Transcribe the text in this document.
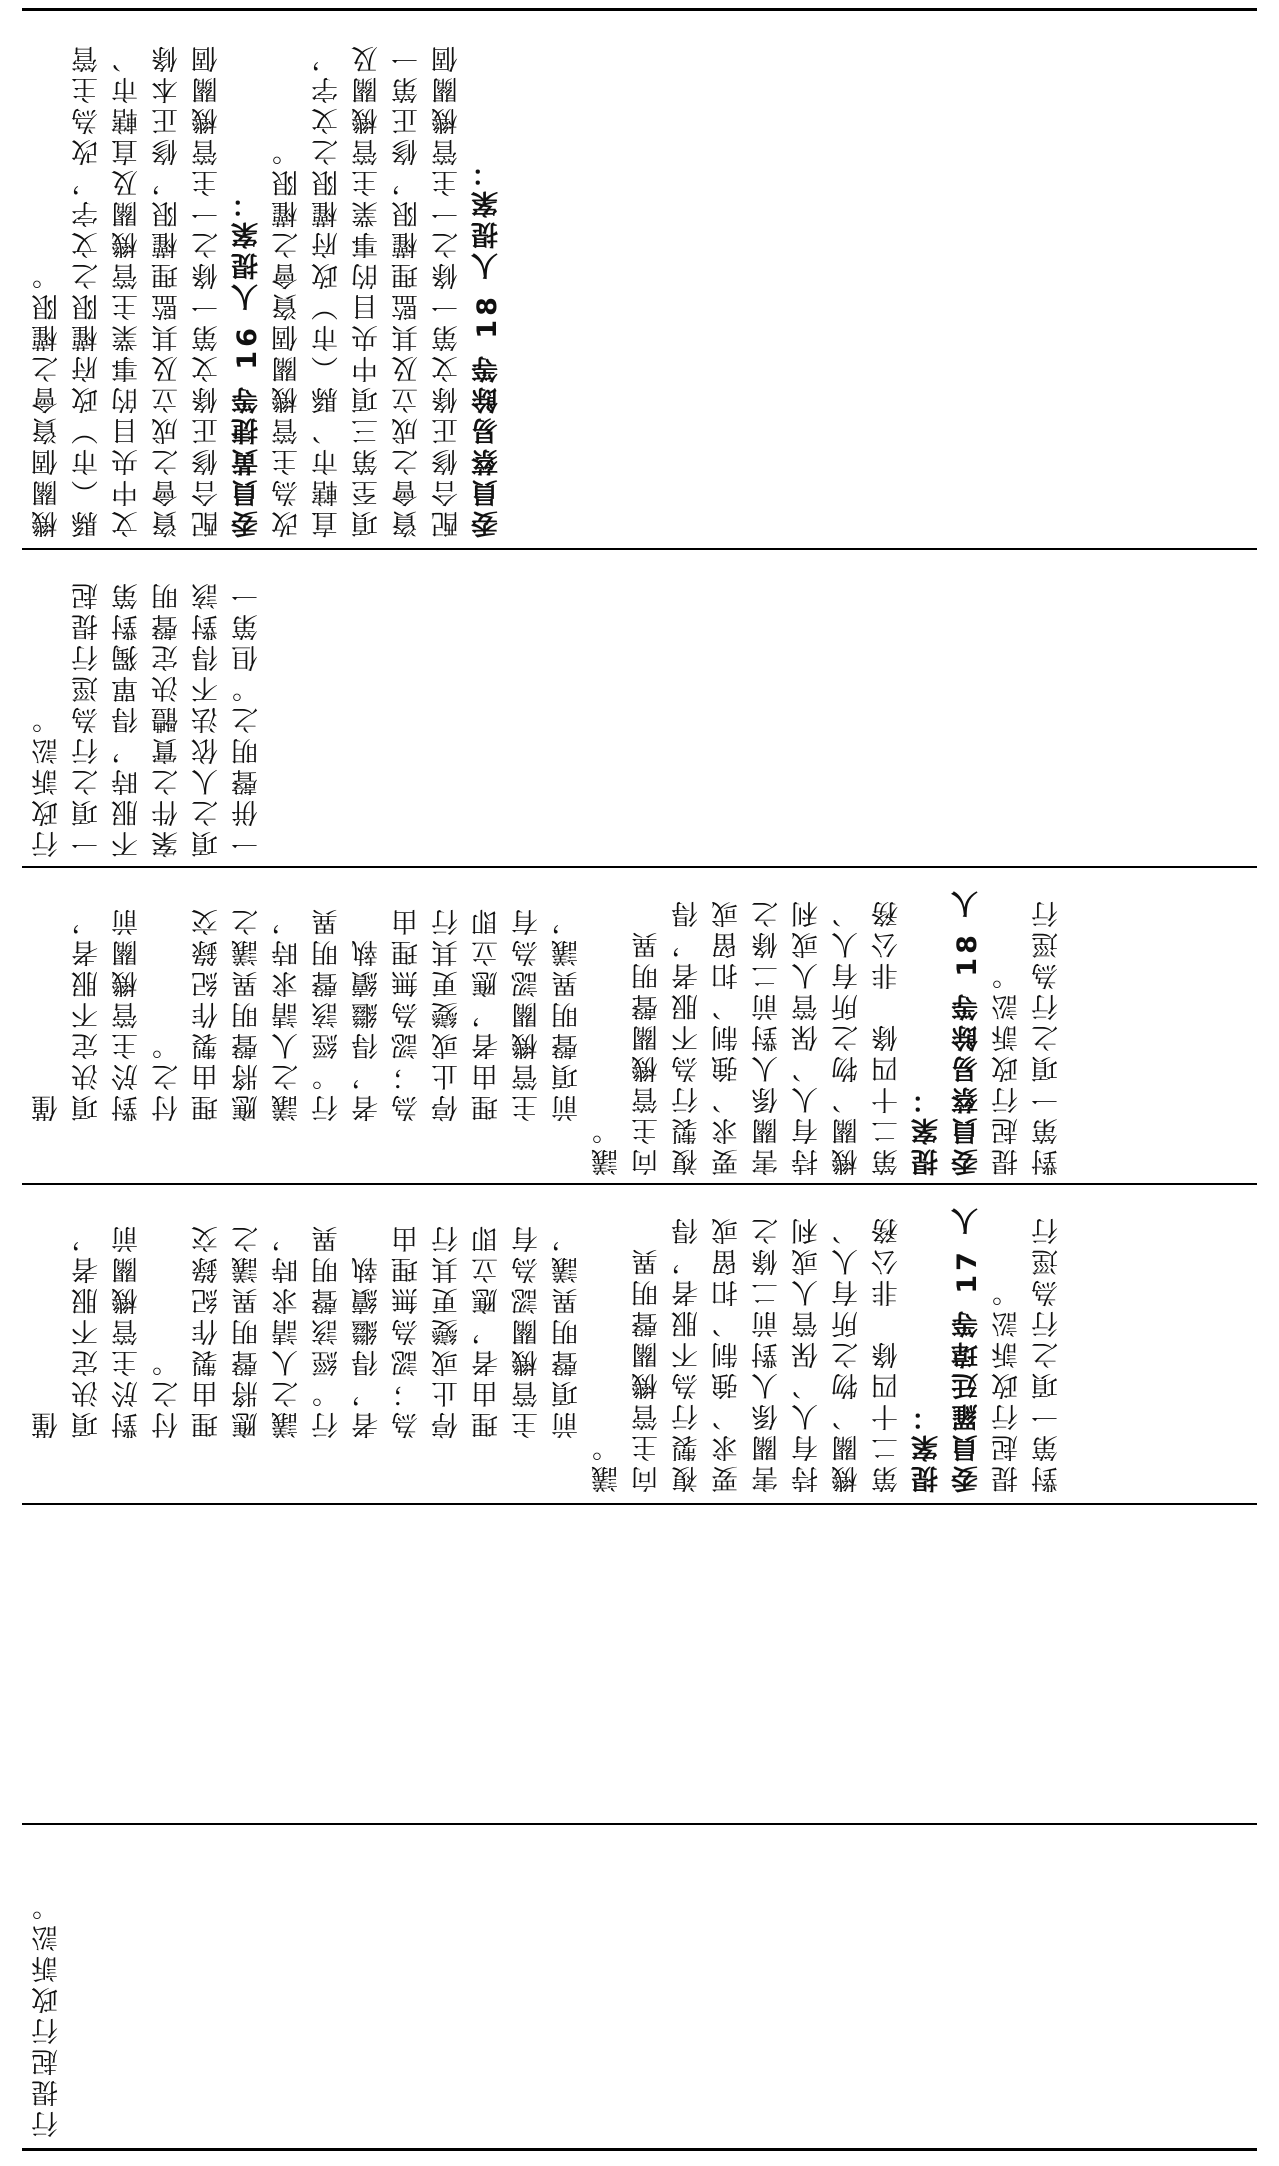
委員蔡易餘等 18 人提案：
配合修正條文第一條之一主管機關個資會之成立及其監理權限，修正第一項至第三項中央目的事業主管機關及直轄市、縣（市）政府權限之文字，改為主管機關個資會之權限。
委員黃捷等 16 人提案：
配合修正條文第一條之一主管機關個資會之成立及其監理權限，修正本條文中央目的事業主管機關及直轄市、縣（市）政府權限之文字，改為主管機關個資會之權限。
一併聲明之。但第一項之人依法不得對該案件之實體決定聲明不服時，得單獨對第一項之行為逕行提起行政訴訟。
對第一項之行為逕行提起行政訴訟。
委員蔡易餘等 18 人提案：
第二十四條　非公務機關、物之所有人、持有人、保管人或利害關係人對前二條之要求、強制、扣留或複製行為不服者，得向主管機關聲明異議。
前項聲明異議，主管機關認為有理由者，應立即停止或變更其行為；認為無理由者，得繼續執行。經該聲明異議之人請求時，應將聲明異議之理由製作紀錄交付之。
對於主管機關前項決定不服者，僅
對第一項之行為逕行提起行政訴訟。
委員羅廷瑋等 17 人提案：
第二十四條　非公務機關、物之所有人、持有人、保管人或利害關係人對前二條之要求、強制、扣留或複製行為不服者，得向主管機關聲明異議。
前項聲明異議，主管機關認為有理由者，應立即停止或變更其行為；認為無理由者，得繼續執行。經該聲明異議之人請求時，應將聲明異議之理由製作紀錄交付之。
對於主管機關前項決定不服者，僅
行提起行政訴訟。
